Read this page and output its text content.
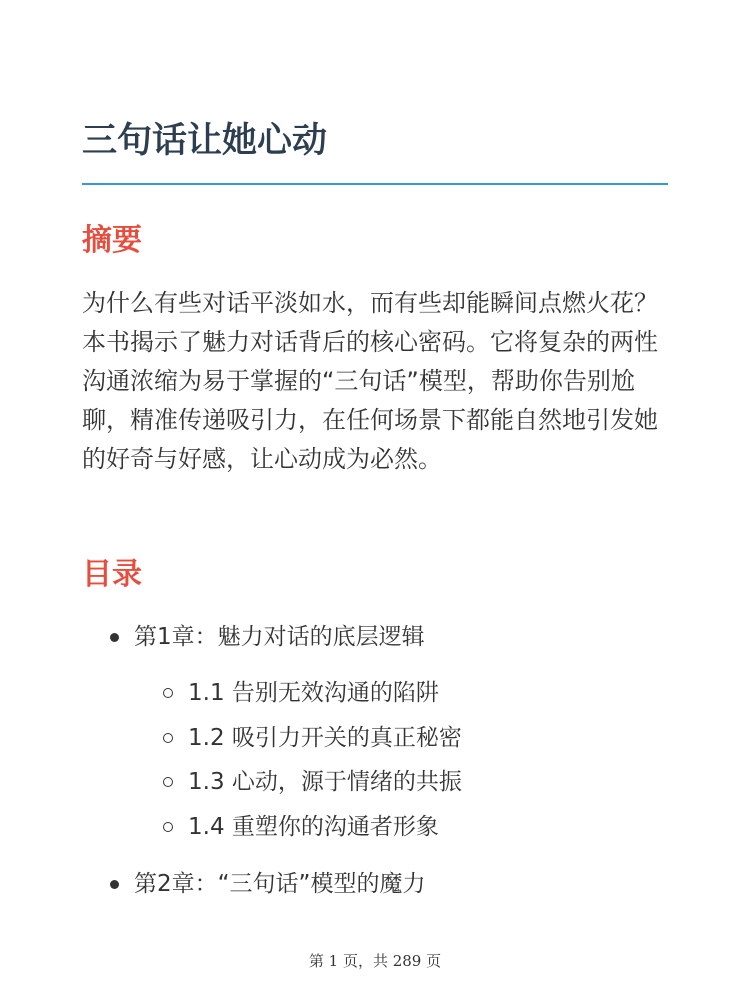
三句话让她心动
摘要

为什么有些对话平淡如水，而有些却能瞬间点燃火花？本书揭示了魅力对话背后的核心密码。它将复杂的两性沟通浓缩为易于掌握的“三句话”模型，帮助你告别尬聊，精准传递吸引力，在任何场景下都能自然地引发她的好奇与好感，让心动成为必然。

目录
第1章：魅力对话的底层逻辑
1.1 告别无效沟通的陷阱
1.2 吸引力开关的真正秘密
1.3 心动，源于情绪的共振
1.4 重塑你的沟通者形象
第2章：“三句话”模型的魔力
第 1 页，共 289 页
